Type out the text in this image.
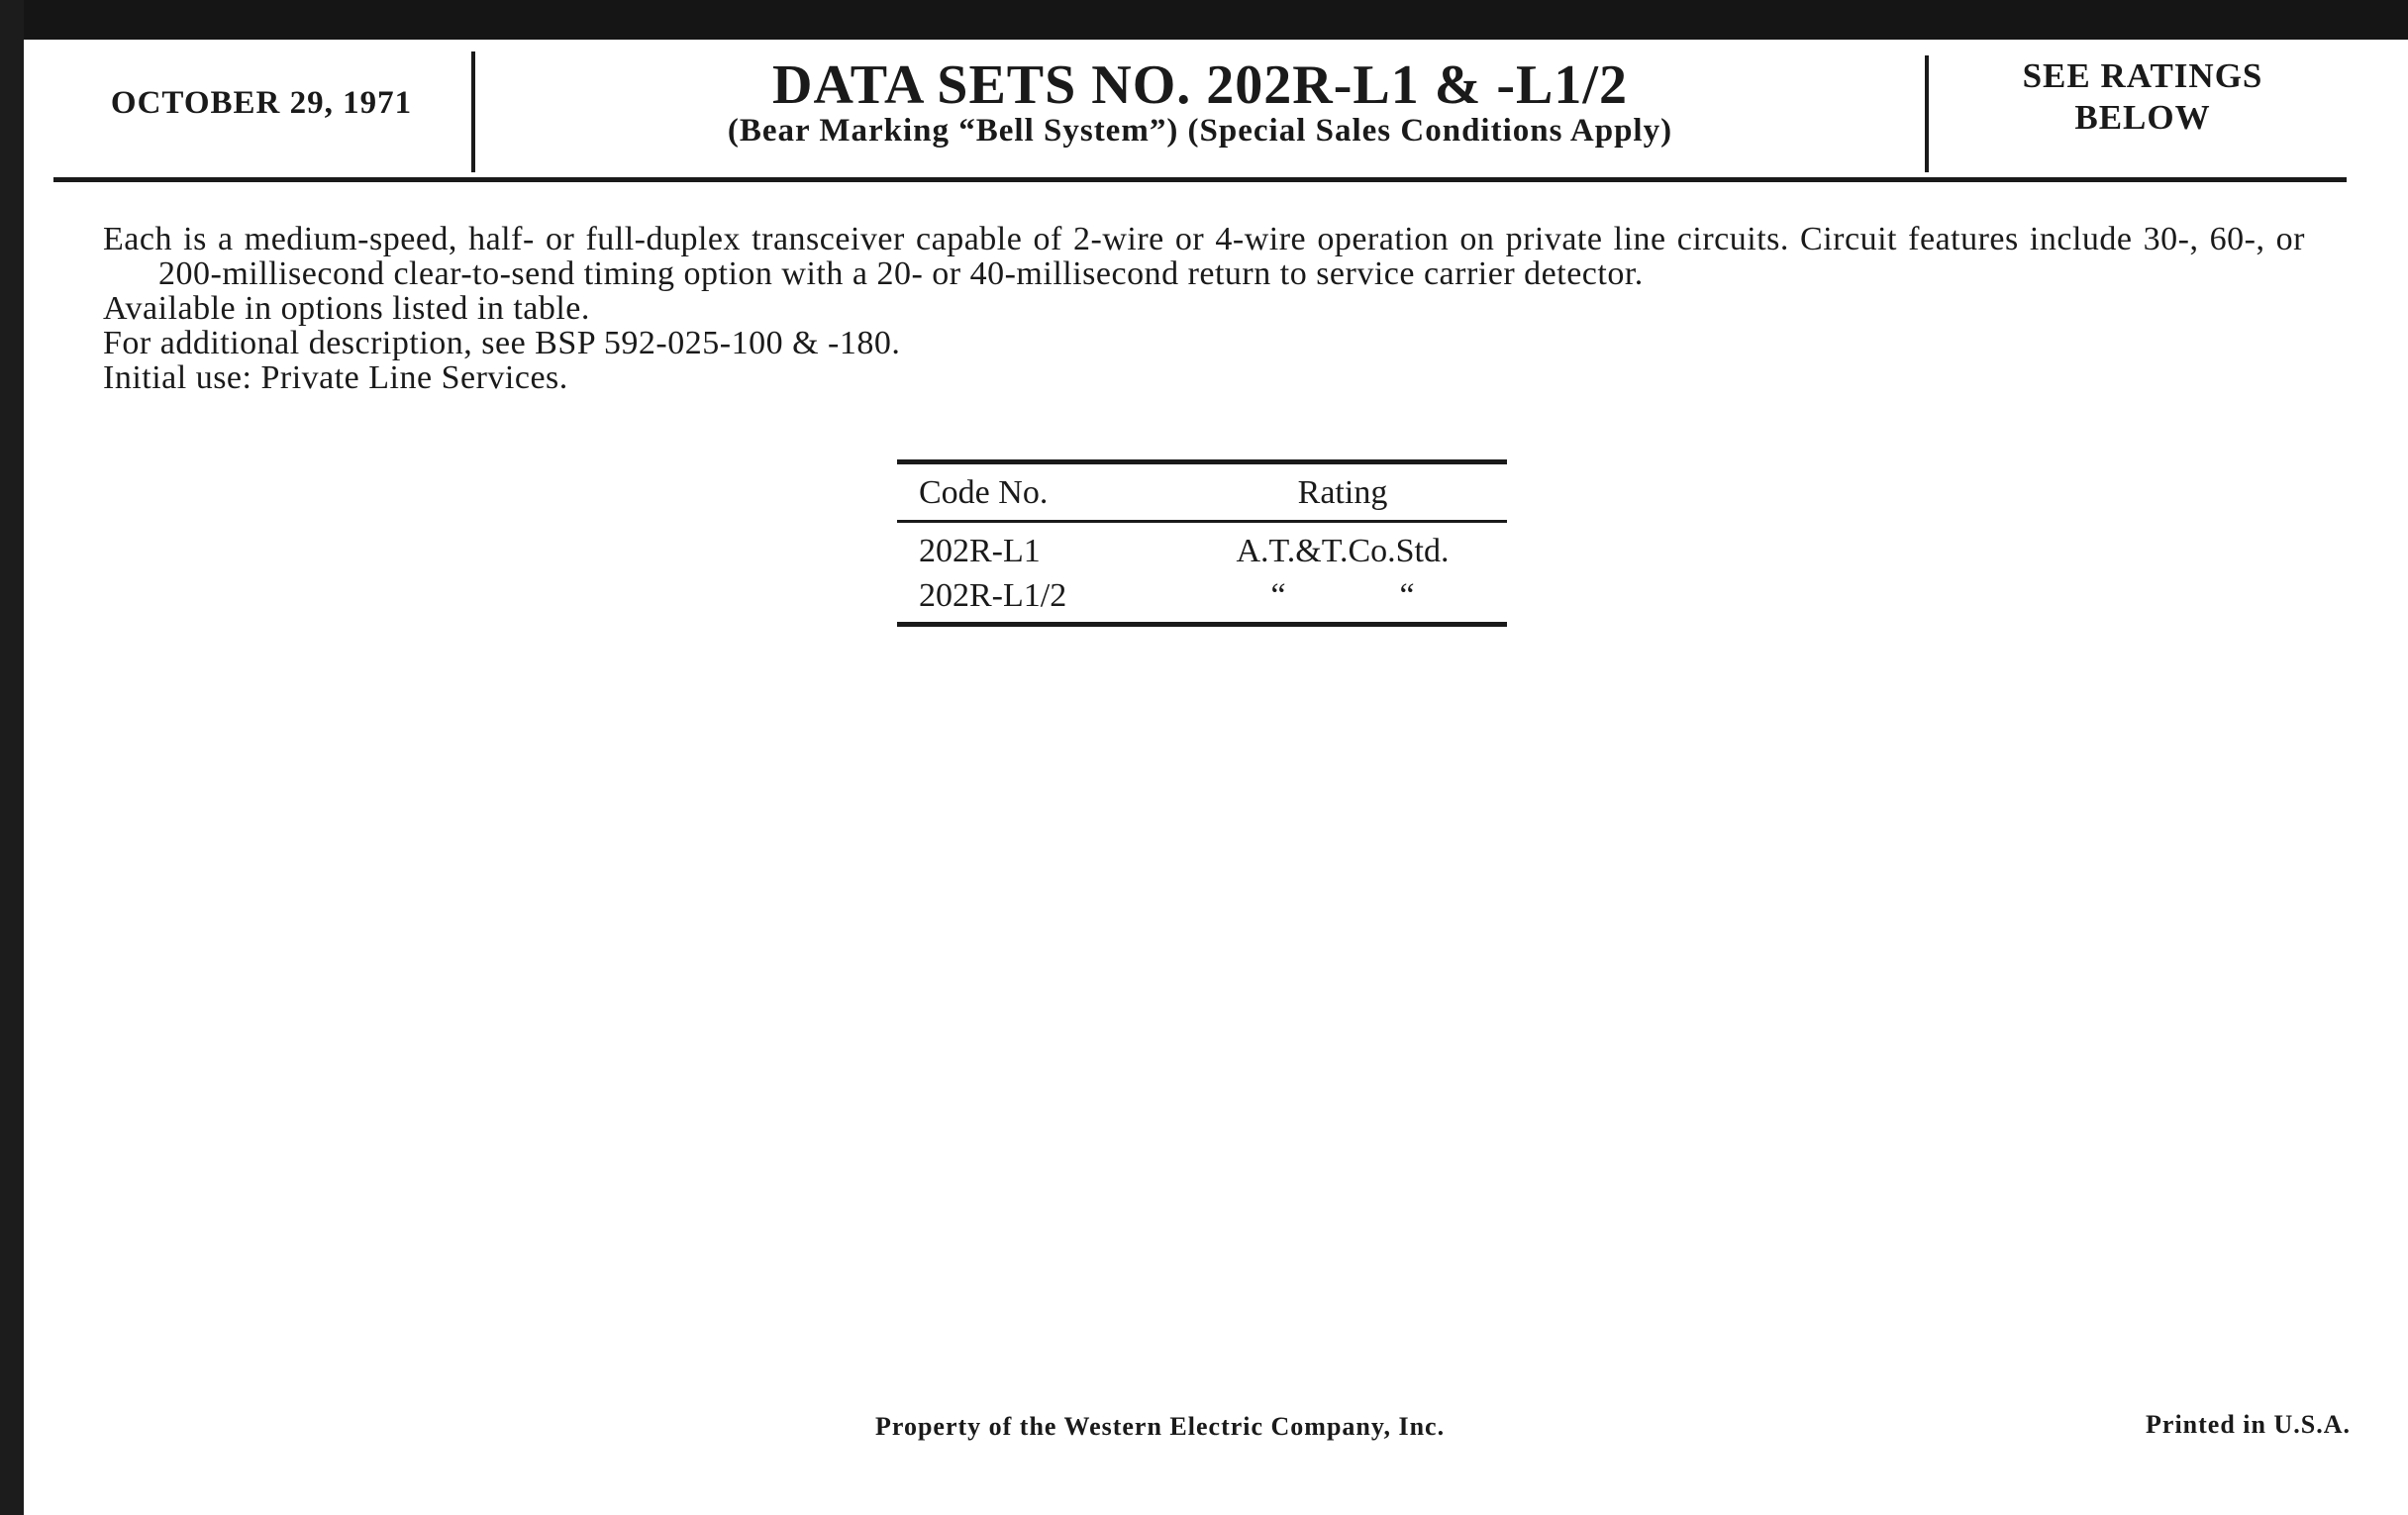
OCTOBER 29, 1971	DATA SETS NO. 202R-L1 & -L1/2
(Bear Marking “Bell System”) (Special Sales Conditions Apply)
SEE RATINGS
BELOW

Each is a medium-speed, half- or full-duplex transceiver capable of 2-wire or 4-wire operation on private line circuits. Circuit features include 30-, 60-, or 200-millisecond clear-to-send timing option with a 20- or 40-millisecond return to service carrier detector.

Available in options listed in table.

For additional description, see BSP 592-025-100 & -180.

Initial use: Private Line Services.

Code No.	Rating
202R-L1	A.T.&T.Co.Std.
202R-L1/2	“	“
Property of the Western Electric Company, Inc.	Printed in U.S.A.
